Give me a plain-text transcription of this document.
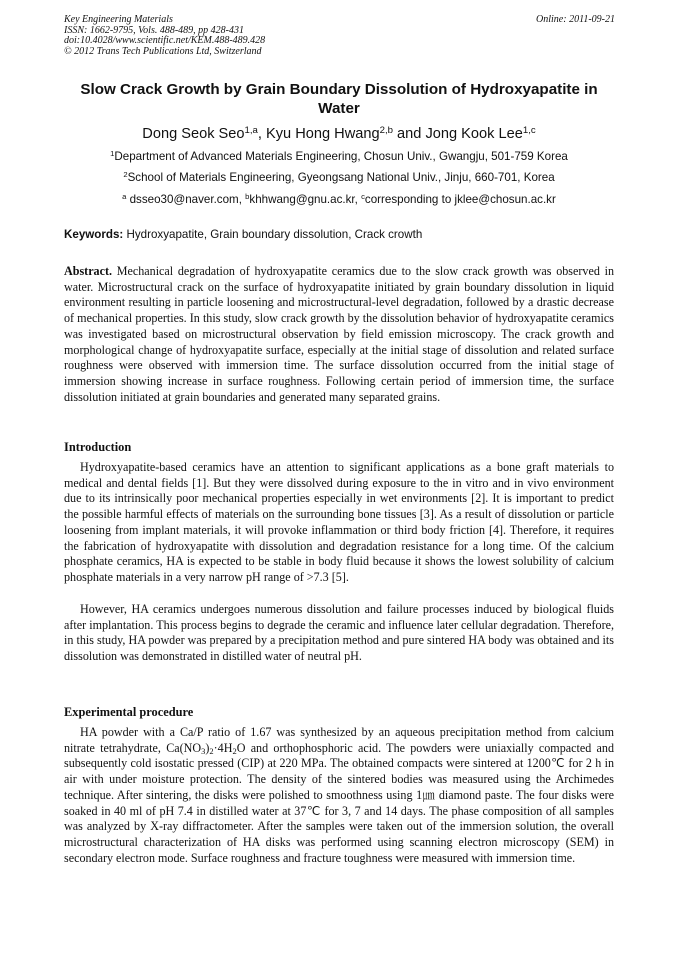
Key Engineering Materials
ISSN: 1662-9795, Vols. 488-489, pp 428-431
doi:10.4028/www.scientific.net/KEM.488-489.428
© 2012 Trans Tech Publications Ltd, Switzerland
Online: 2011-09-21
Slow Crack Growth by Grain Boundary Dissolution of Hydroxyapatite in Water
Dong Seok Seo$^{1,a}$, Kyu Hong Hwang$^{2,b}$ and Jong Kook Lee$^{1,c}$
$^1$Department of Advanced Materials Engineering, Chosun Univ., Gwangju, 501-759 Korea
$^2$School of Materials Engineering, Gyeongsang National Univ., Jinju, 660-701, Korea
$^a$ dsseo30@naver.com, $^b$khhwang@gnu.ac.kr, $^c$corresponding to jklee@chosun.ac.kr
Keywords: Hydroxyapatite, Grain boundary dissolution, Crack crowth
Abstract. Mechanical degradation of hydroxyapatite ceramics due to the slow crack growth was observed in water. Microstructural crack on the surface of hydroxyapatite initiated by grain boundary dissolution in liquid environment resulting in particle loosening and microstructural-level degradation, followed by a drastic decrease of mechanical properties. In this study, slow crack growth by the dissolution behavior of hydroxyapatite ceramics was investigated based on microstructural observation by field emission microscopy. The crack growth and morphological change of hydroxyapatite surface, especially at the initial stage of dissolution and related surface roughness were observed with immersion time. The surface dissolution occurred from the initial stage of immersion showing increase in surface roughness. Following certain period of immersion time, the surface dissolution initiated at grain boundaries and generated many separated grains.
Introduction
Hydroxyapatite-based ceramics have an attention to significant applications as a bone graft materials to medical and dental fields [1]. But they were dissolved during exposure to the in vitro and in vivo environment due to its intrinsically poor mechanical properties especially in wet environments [2]. It is important to predict the possible harmful effects of materials on the surrounding bone tissues [3]. As a result of dissolution or particle loosening from implant materials, it will provoke inflammation or third body friction [4]. Therefore, it requires the fabrication of hydroxyapatite with dissolution and degradation resistance for a long time. Of the calcium phosphate ceramics, HA is expected to be stable in body fluid because it shows the lowest solubility of calcium phosphate materials in a very narrow pH range of >7.3 [5].
However, HA ceramics undergoes numerous dissolution and failure processes induced by biological fluids after implantation. This process begins to degrade the ceramic and influence later cellular degradation. Therefore, in this study, HA powder was prepared by a precipitation method and pure sintered HA body was obtained and its dissolution was demonstrated in distilled water of neutral pH.
Experimental procedure
HA powder with a Ca/P ratio of 1.67 was synthesized by an aqueous precipitation method from calcium nitrate tetrahydrate, $Ca(NO_3)_2\cdot 4H_2O$ and orthophosphoric acid. The powders were uniaxially compacted and subsequently cold isostatic pressed (CIP) at 220 MPa. The obtained compacts were sintered at 1200℃ for 2 h in air with under moisture protection. The density of the sintered bodies was measured using the Archimedes technique. After sintering, the disks were polished to smoothness using 1㎛ diamond paste. The four disks were soaked in 40 ml of pH 7.4 in distilled water at 37℃ for 3, 7 and 14 days. The phase composition of all samples was analyzed by X-ray diffractometer. After the samples were taken out of the immersion solution, the overall microstructural characterization of HA disks was performed using scanning electron microscopy (SEM) in secondary electron mode. Surface roughness and fracture toughness were measured with immersion time.
